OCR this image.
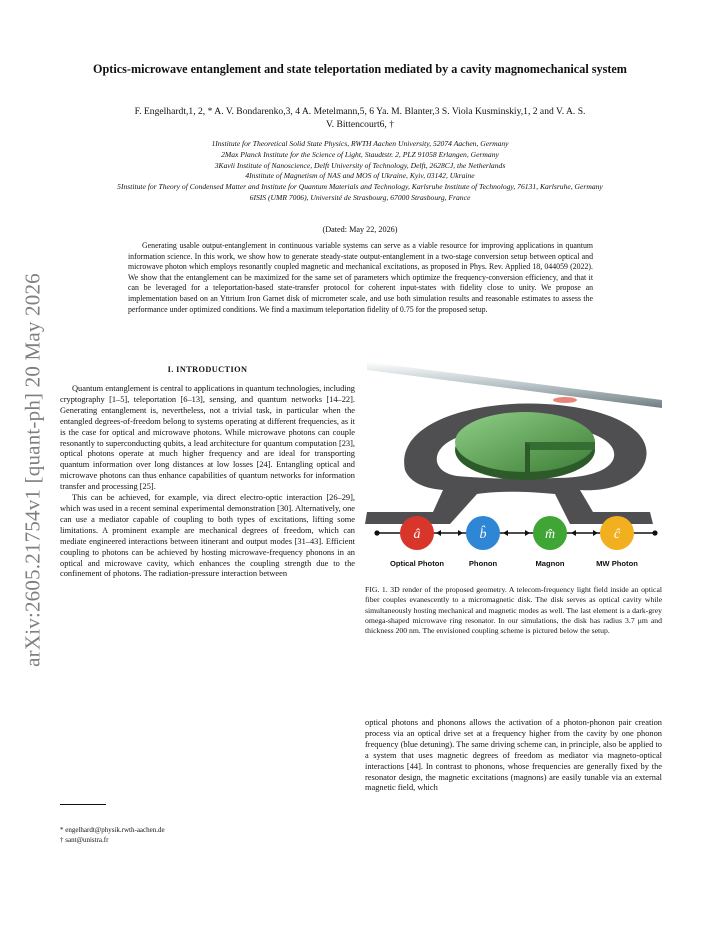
arXiv:2605.21754v1 [quant-ph] 20 May 2026
Optics-microwave entanglement and state teleportation mediated by a cavity magnomechanical system
F. Engelhardt,1, 2, * A. V. Bondarenko,3, 4 A. Metelmann,5, 6 Ya. M. Blanter,3 S. Viola Kusminskiy,1, 2 and V. A. S. V. Bittencourt6, †
1Institute for Theoretical Solid State Physics, RWTH Aachen University, 52074 Aachen, Germany
2Max Planck Institute for the Science of Light, Staudtstr. 2, PLZ 91058 Erlangen, Germany
3Kavli Institute of Nanoscience, Delft University of Technology, Delft, 2628CJ, the Netherlands
4Institute of Magnetism of NAS and MOS of Ukraine, Kyiv, 03142, Ukraine
5Institute for Theory of Condensed Matter and Institute for Quantum Materials and Technology, Karlsruhe Institute of Technology, 76131, Karlsruhe, Germany
6ISIS (UMR 7006), Université de Strasbourg, 67000 Strasbourg, France
(Dated: May 22, 2026)
Generating usable output-entanglement in continuous variable systems can serve as a viable resource for improving applications in quantum information science. In this work, we show how to generate steady-state output-entanglement in a two-stage conversion setup between optical and microwave photon which employs resonantly coupled magnetic and mechanical excitations, as proposed in Phys. Rev. Applied 18, 044059 (2022). We show that the entanglement can be maximized for the same set of parameters which optimize the frequency-conversion efficiency, and that it can be leveraged for a teleportation-based state-transfer protocol for coherent input-states with fidelity close to unity. We propose an implementation based on an Yttrium Iron Garnet disk of micrometer scale, and use both simulation results and reasonable estimates to assess the performance under optimized conditions. We find a maximum teleportation fidelity of 0.75 for the proposed setup.
I. INTRODUCTION

Quantum entanglement is central to applications in quantum technologies, including cryptography [1–5], teleportation [6–13], sensing, and quantum networks [14–22]. Generating entanglement is, nevertheless, not a trivial task, in particular when the entangled degrees-of-freedom belong to systems operating at different frequencies, as it is the case for optical and microwave photons. While microwave photons can couple resonantly to superconducting qubits, a lead architecture for quantum computation [23], optical photons operate at much higher frequency and are ideal for transporting quantum information over long distances at low losses [24]. Entangling optical and microwave photons can thus enhance capabilities of quantum networks for information transfer and processing [25].

This can be achieved, for example, via direct electro-optic interaction [26–29], which was used in a recent seminal experimental demonstration [30]. Alternatively, one can use a mediator capable of coupling to both types of excitations, lifting some limitations. A prominent example are mechanical degrees of freedom, which can mediate engineered interactions between itinerant and output modes [31–43]. Efficient coupling to photons can be achieved by hosting microwave-frequency phonons in an optical and microwave cavity, which enhances the coupling strength due to the confinement of photons. The radiation-pressure interaction between

â	b̂	m̂	ĉ
Optical Photon	Phonon	Magnon	MW Photon
FIG. 1. 3D render of the proposed geometry. A telecom-frequency light field inside an optical fiber couples evanescently to a micromagnetic disk. The disk serves as optical cavity while simultaneously hosting mechanical and magnetic modes as well. The last element is a dark-grey omega-shaped microwave ring resonator. In our simulations, the disk has radius 3.7 μm and thickness 200 nm. The envisioned coupling scheme is pictured below the setup.

optical photons and phonons allows the activation of a photon-phonon pair creation process via an optical drive set at a frequency higher from the cavity by one phonon frequency (blue detuning). The same driving scheme can, in principle, also be applied to a system that uses magnetic degrees of freedom as mediator via magneto-optical interactions [44]. In contrast to phonons, whose frequencies are generally fixed by the resonator design, the magnetic excitations (magnons) are easily tunable via an external magnetic field, which

* engelhardt@physik.rwth-aachen.de
† sant@unistra.fr
